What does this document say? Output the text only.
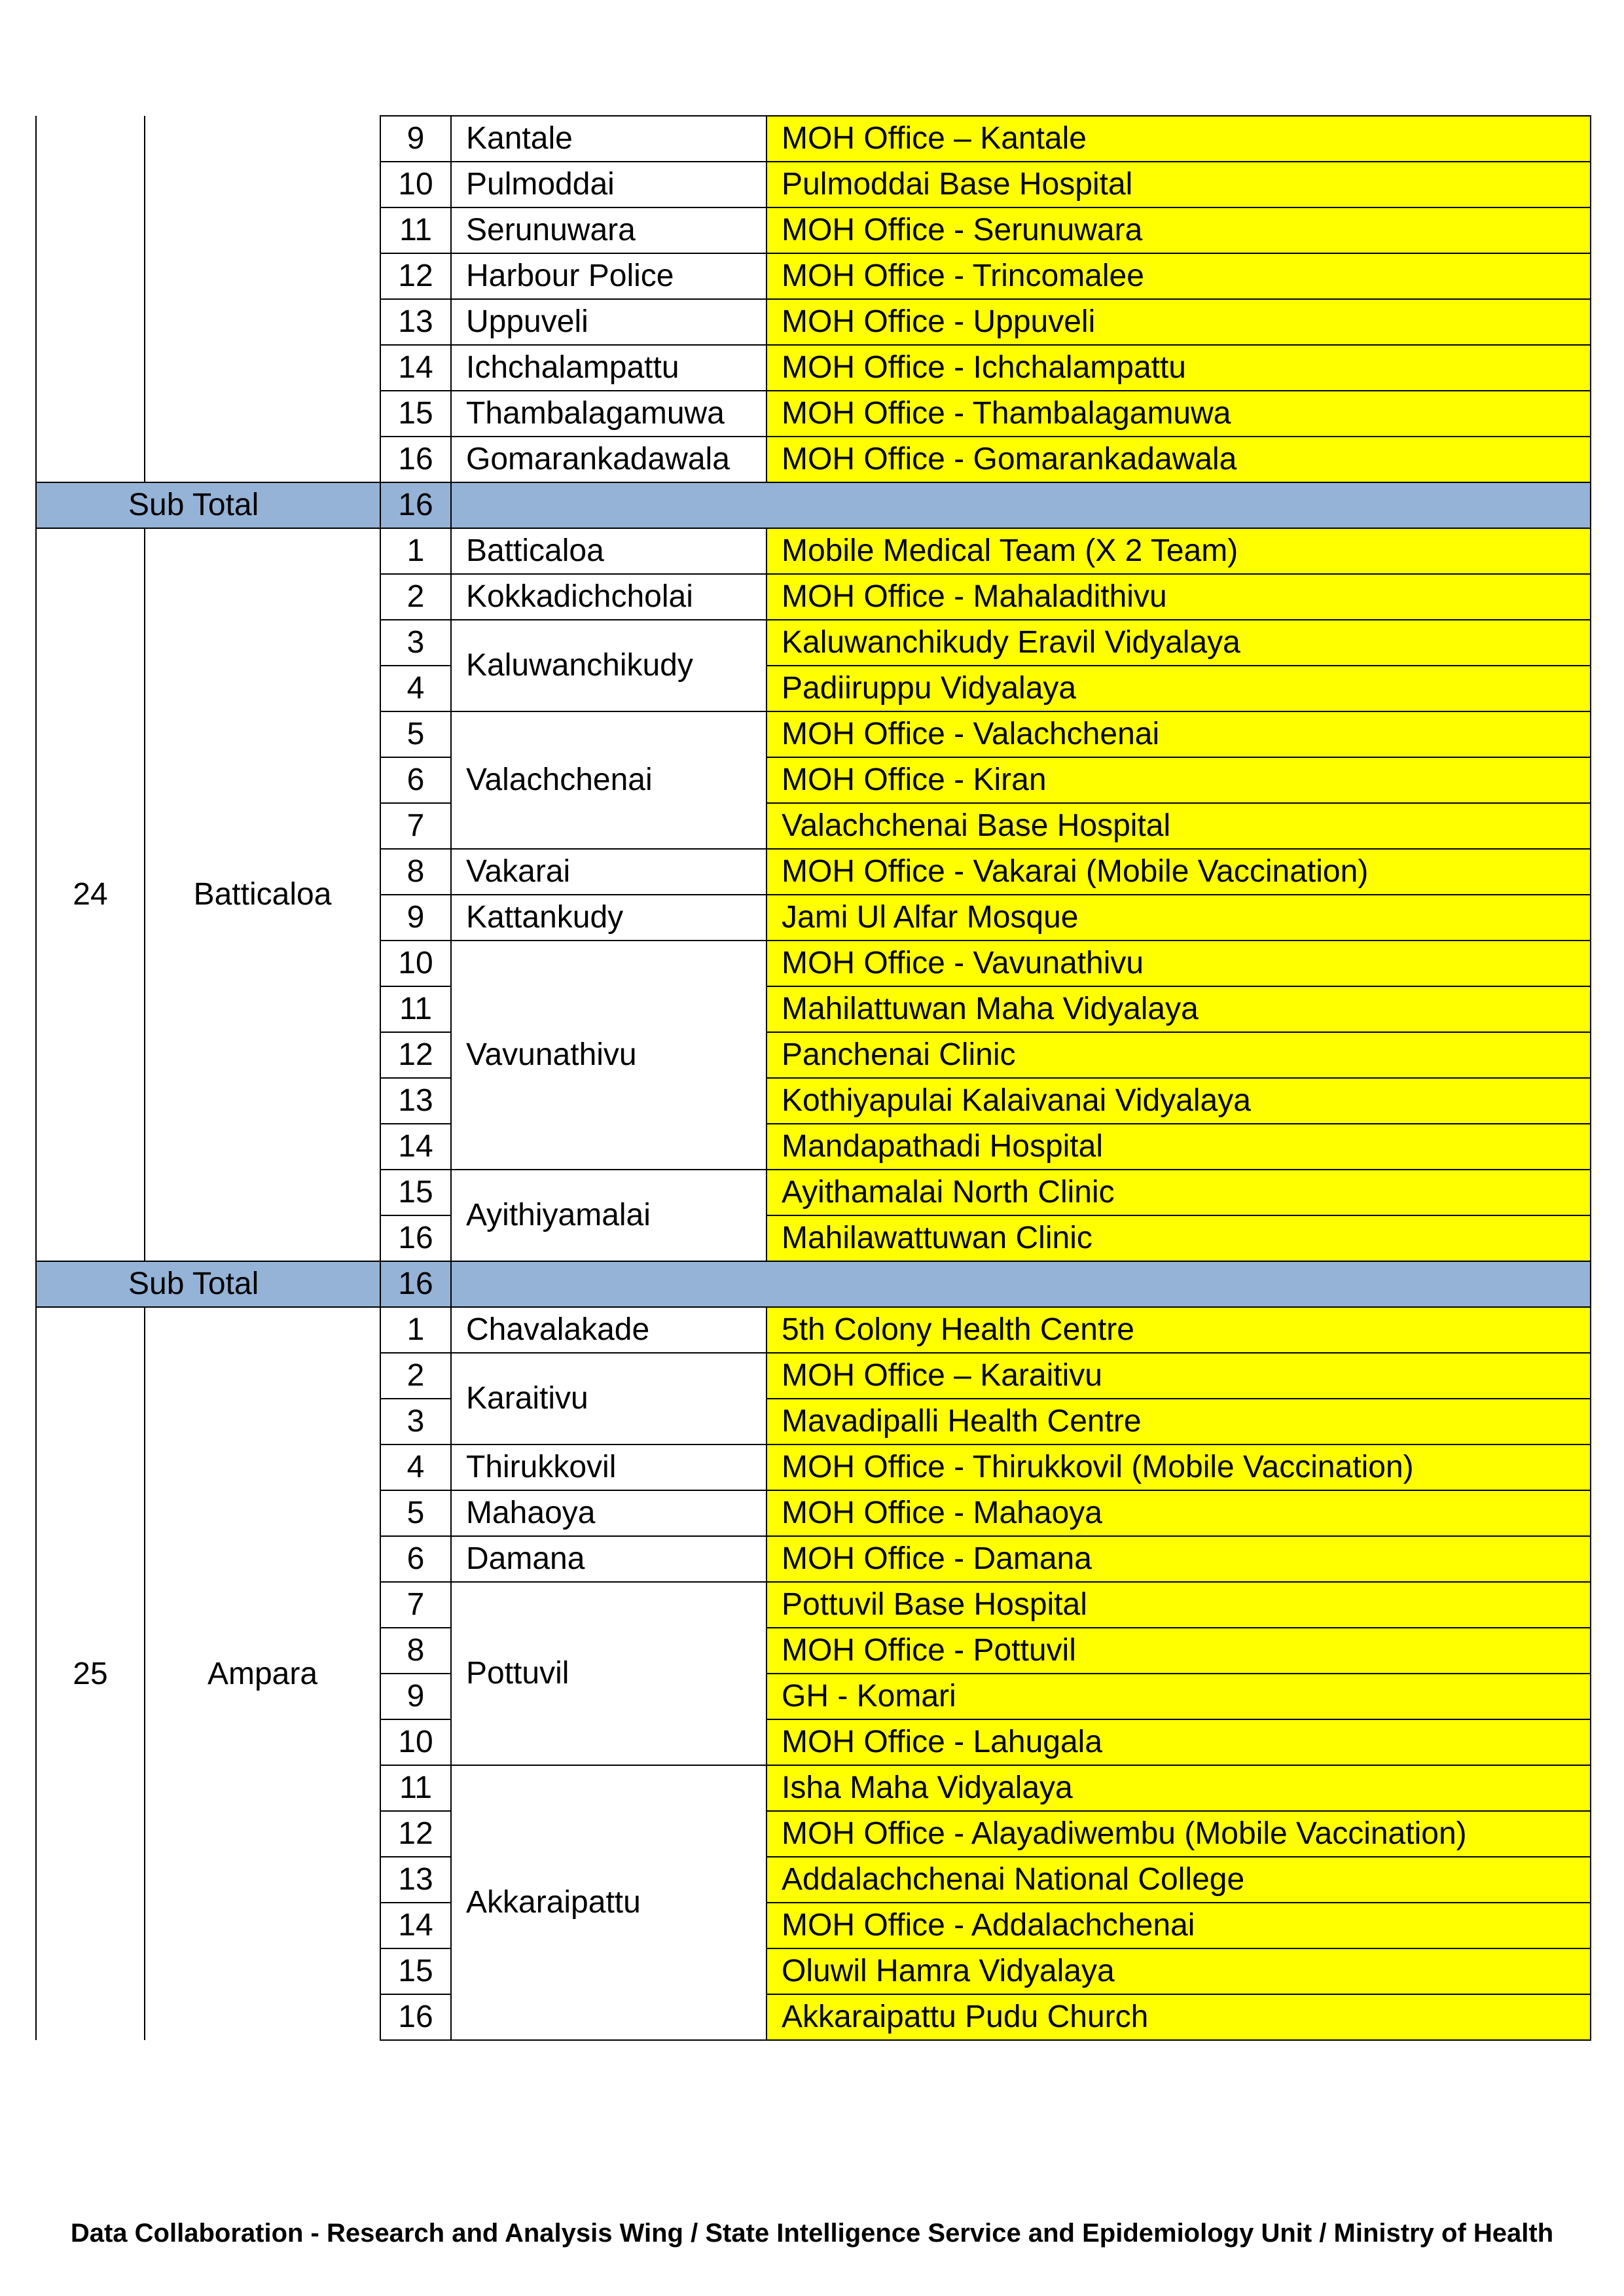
		9	Kantale	MOH Office – Kantale
		10	Pulmoddai	Pulmoddai Base Hospital
		11	Serunuwara	MOH Office - Serunuwara
		12	Harbour Police	MOH Office - Trincomalee
		13	Uppuveli	MOH Office - Uppuveli
		14	Ichchalampattu	MOH Office - Ichchalampattu
		15	Thambalagamuwa	MOH Office - Thambalagamuwa
		16	Gomarankadawala	MOH Office - Gomarankadawala
Sub Total		16		
24	Batticaloa	1	Batticaloa	Mobile Medical Team (X 2 Team)
		2	Kokkadichcholai	MOH Office - Mahaladithivu
		3	Kaluwanchikudy	Kaluwanchikudy Eravil Vidyalaya
		4		Padiiruppu Vidyalaya
		5	Valachchenai	MOH Office - Valachchenai
		6		MOH Office - Kiran
		7		Valachchenai Base Hospital
		8	Vakarai	MOH Office - Vakarai (Mobile Vaccination)
		9	Kattankudy	Jami Ul Alfar Mosque
		10	Vavunathivu	MOH Office - Vavunathivu
		11		Mahilattuwan Maha Vidyalaya
		12		Panchenai Clinic
		13		Kothiyapulai Kalaivanai Vidyalaya
		14		Mandapathadi Hospital
		15	Ayithiyamalai	Ayithamalai North Clinic
		16		Mahilawattuwan Clinic
Sub Total		16		
25	Ampara	1	Chavalakade	5th Colony Health Centre
		2	Karaitivu	MOH Office – Karaitivu
		3		Mavadipalli Health Centre
		4	Thirukkovil	MOH Office - Thirukkovil (Mobile Vaccination)
		5	Mahaoya	MOH Office - Mahaoya
		6	Damana	MOH Office - Damana
		7	Pottuvil	Pottuvil Base Hospital
		8		MOH Office - Pottuvil
		9		GH - Komari
		10		MOH Office - Lahugala
		11	Akkaraipattu	Isha Maha Vidyalaya
		12		MOH Office - Alayadiwembu (Mobile Vaccination)
		13		Addalachchenai National College
		14		MOH Office - Addalachchenai
		15		Oluwil Hamra Vidyalaya
		16		Akkaraipattu Pudu Church
Data Collaboration - Research and Analysis Wing / State Intelligence Service and Epidemiology Unit / Ministry of Health
